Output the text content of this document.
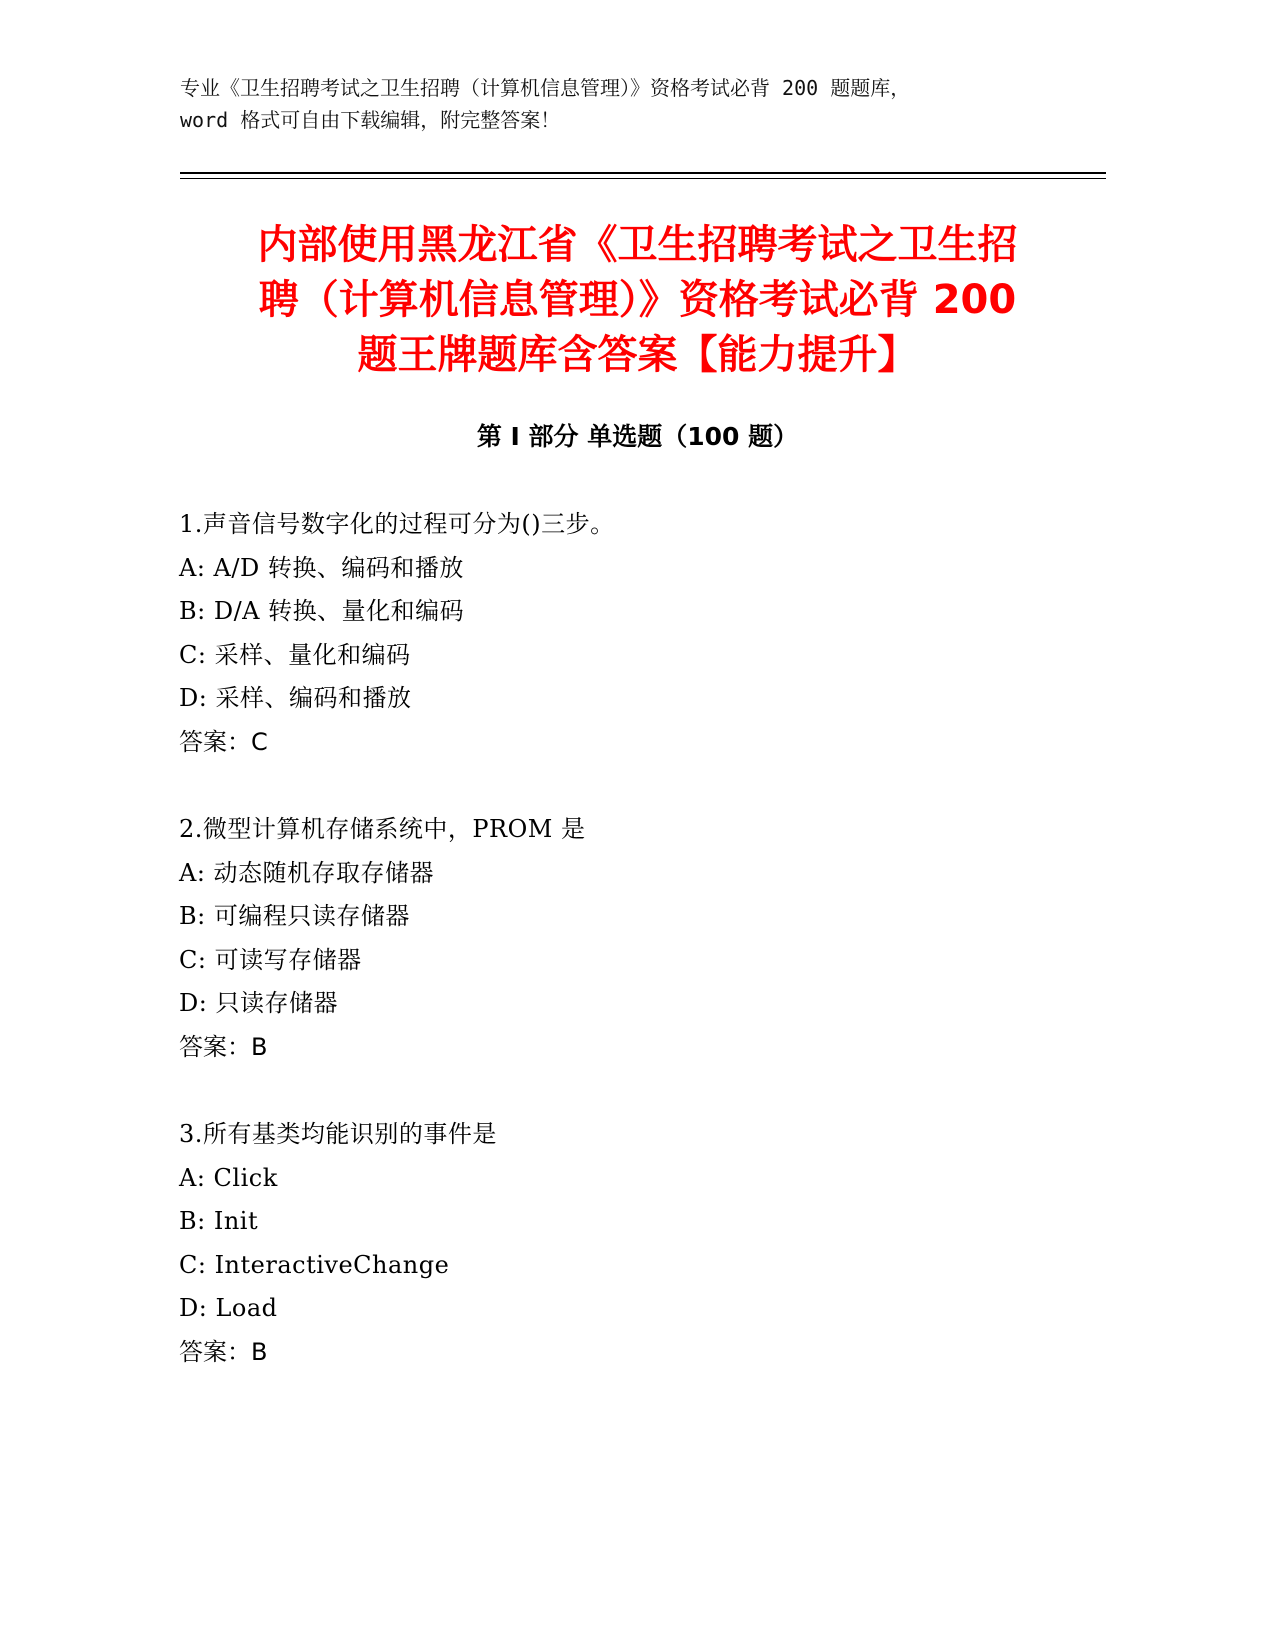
专业《卫生招聘考试之卫生招聘（计算机信息管理）》资格考试必背 200 题题库，
word 格式可自由下载编辑，附完整答案！
内部使用黑龙江省《卫生招聘考试之卫生招
聘（计算机信息管理）》资格考试必背 200
题王牌题库含答案【能力提升】
第 I 部分 单选题（100 题）
1.声音信号数字化的过程可分为()三步。
A: A/D 转换、编码和播放
B: D/A 转换、量化和编码
C: 采样、量化和编码
D: 采样、编码和播放
答案：C
2.微型计算机存储系统中，PROM 是
A: 动态随机存取存储器
B: 可编程只读存储器
C: 可读写存储器
D: 只读存储器
答案：B
3.所有基类均能识别的事件是
A: Click
B: Init
C: InteractiveChange
D: Load
答案：B
